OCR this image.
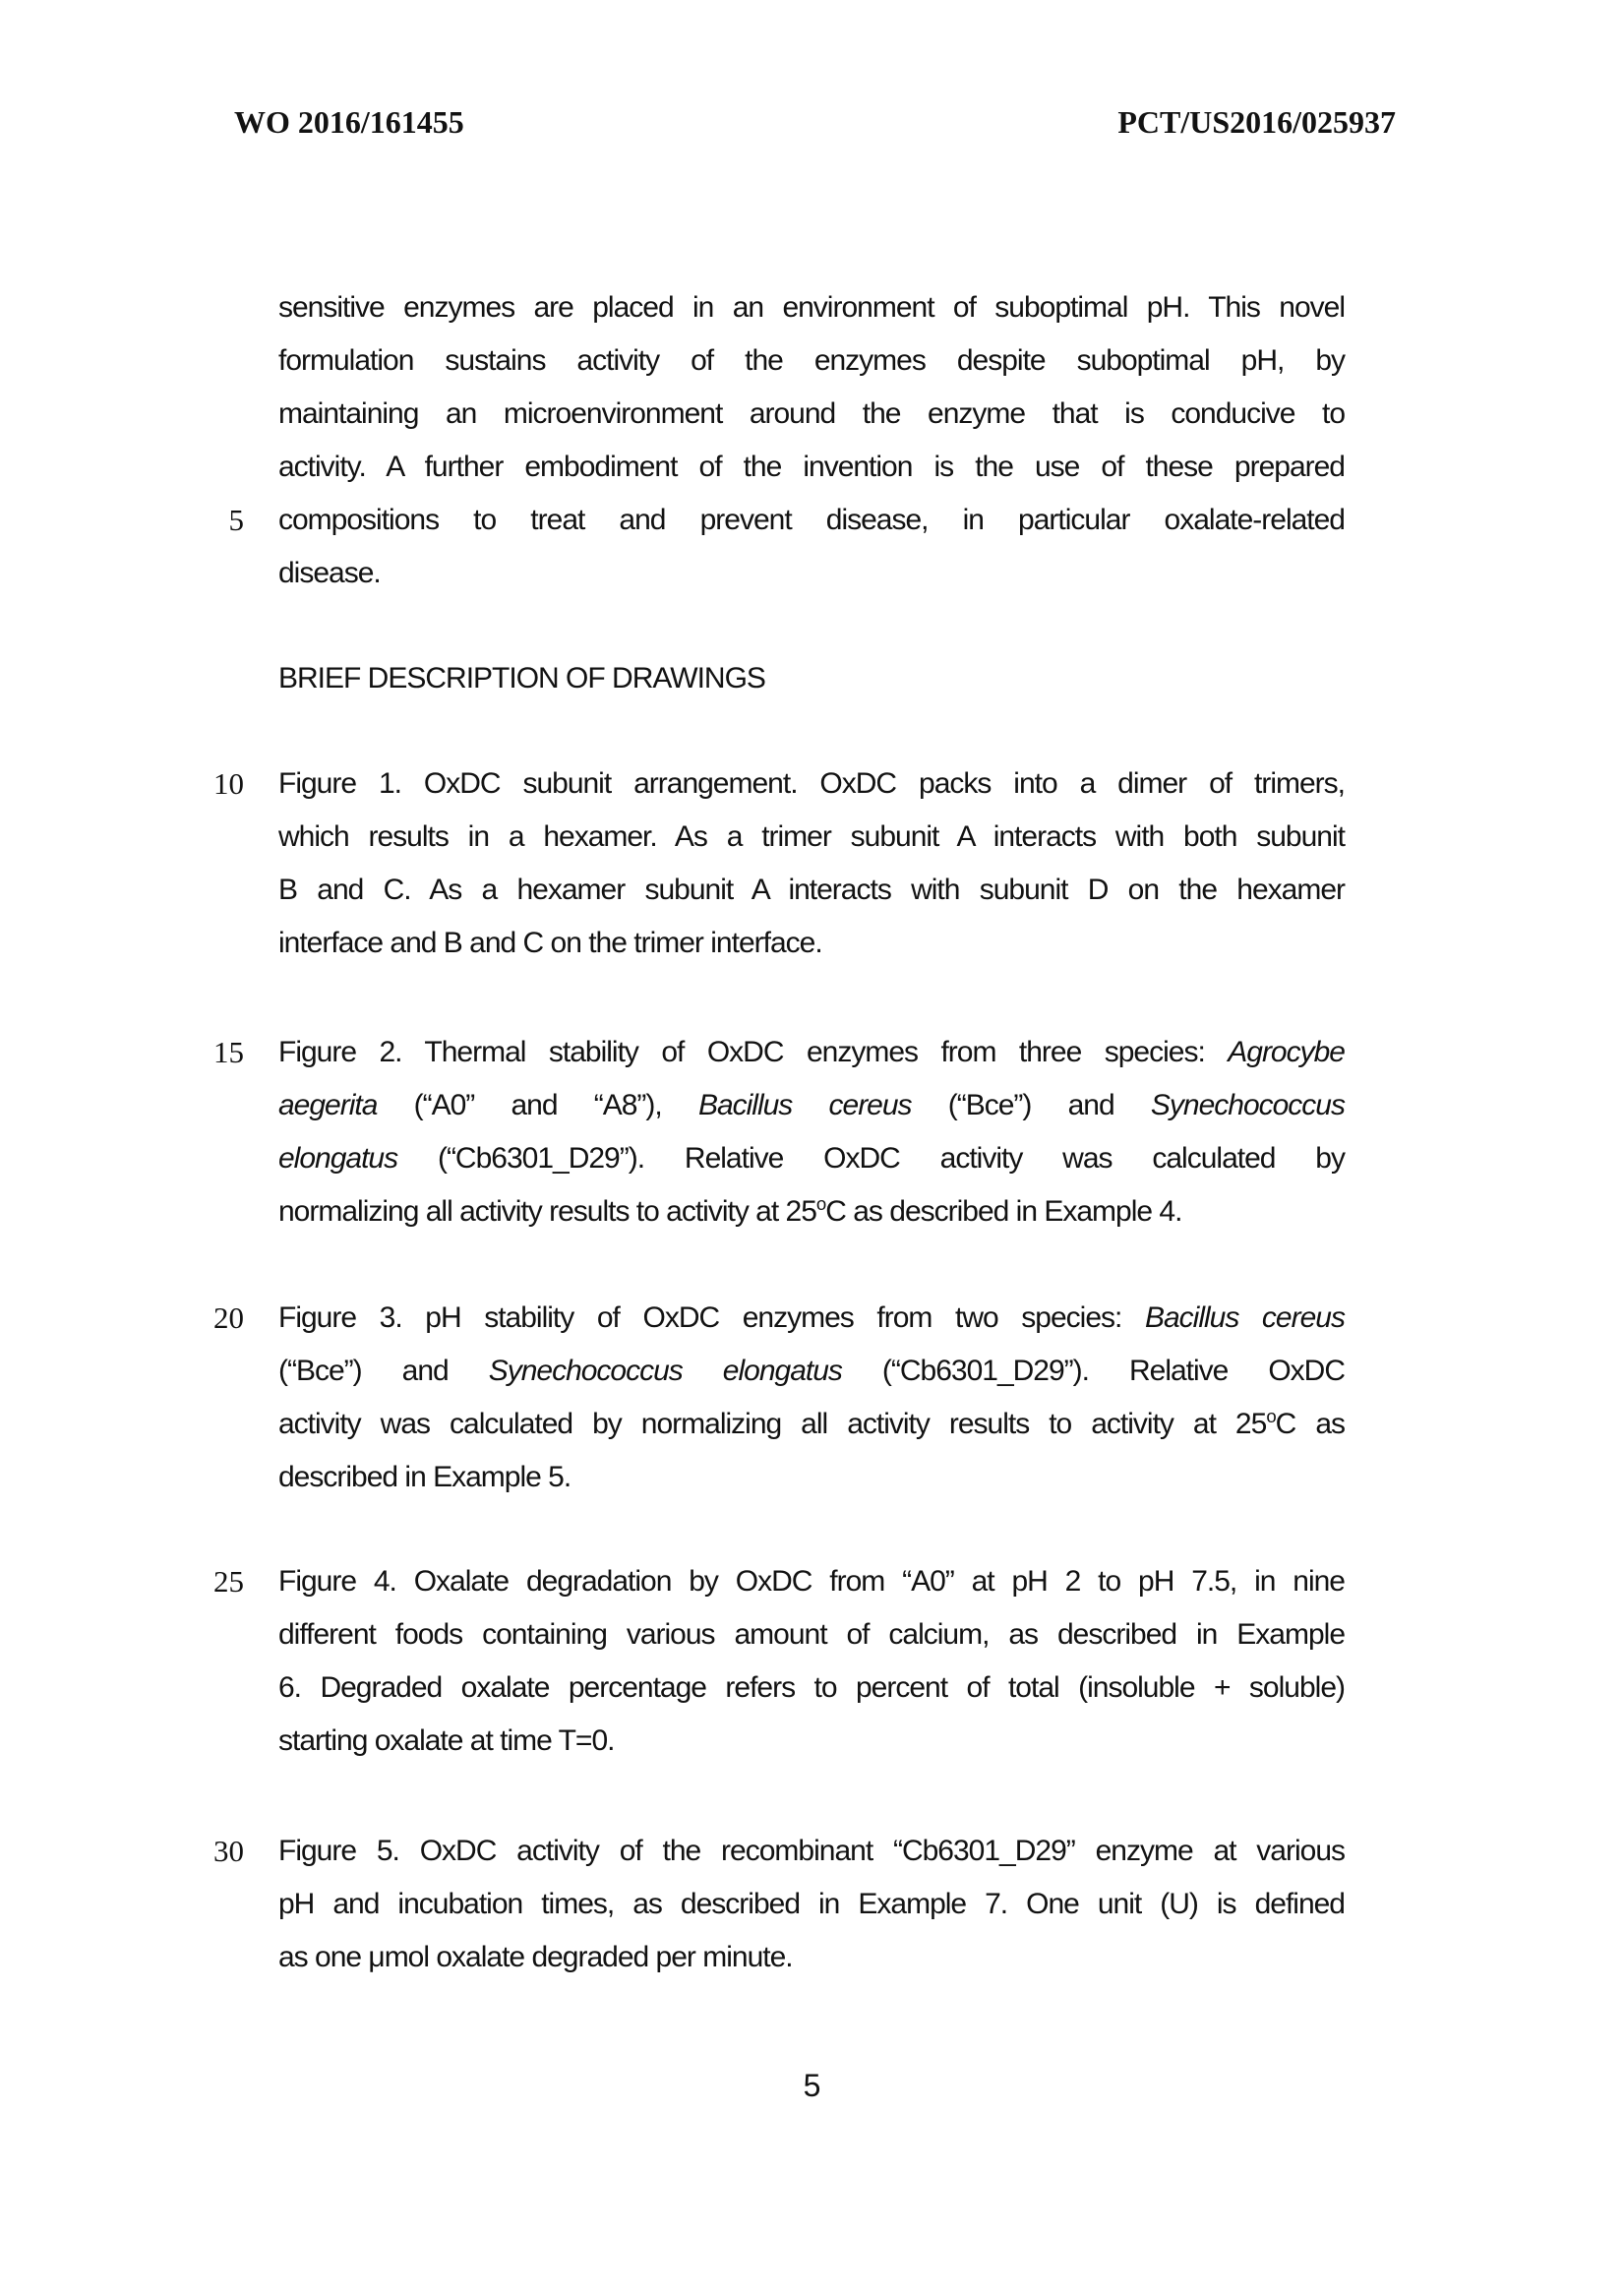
WO 2016/161455	PCT/US2016/025937
5
sensitive enzymes are placed in an environment of suboptimal pH. This novel
formulation sustains activity of the enzymes despite suboptimal pH, by
maintaining an microenvironment around the enzyme that is conducive to
activity. A further embodiment of the invention is the use of these prepared
compositions to treat and prevent disease, in particular oxalate-related
disease.
BRIEF DESCRIPTION OF DRAWINGS
10 Figure 1. OxDC subunit arrangement. OxDC packs into a dimer of trimers,
which results in a hexamer. As a trimer subunit A interacts with both subunit
B and C. As a hexamer subunit A interacts with subunit D on the hexamer
interface and B and C on the trimer interface.
15 Figure 2. Thermal stability of OxDC enzymes from three species: Agrocybe
aegerita (“A0” and “A8”), Bacillus cereus (“Bce”) and Synechococcus
elongatus (“Cb6301_D29”). Relative OxDC activity was calculated by
normalizing all activity results to activity at 25$^o$C as described in Example 4.
20 Figure 3. pH stability of OxDC enzymes from two species: Bacillus cereus
(“Bce”) and Synechococcus elongatus (“Cb6301_D29”). Relative OxDC
activity was calculated by normalizing all activity results to activity at 25$^o$C as
described in Example 5.
25 Figure 4. Oxalate degradation by OxDC from “A0” at pH 2 to pH 7.5, in nine
different foods containing various amount of calcium, as described in Example
6. Degraded oxalate percentage refers to percent of total (insoluble + soluble)
starting oxalate at time T=0.
30 Figure 5. OxDC activity of the recombinant “Cb6301_D29” enzyme at various
pH and incubation times, as described in Example 7. One unit (U) is defined
as one μmol oxalate degraded per minute.
5
